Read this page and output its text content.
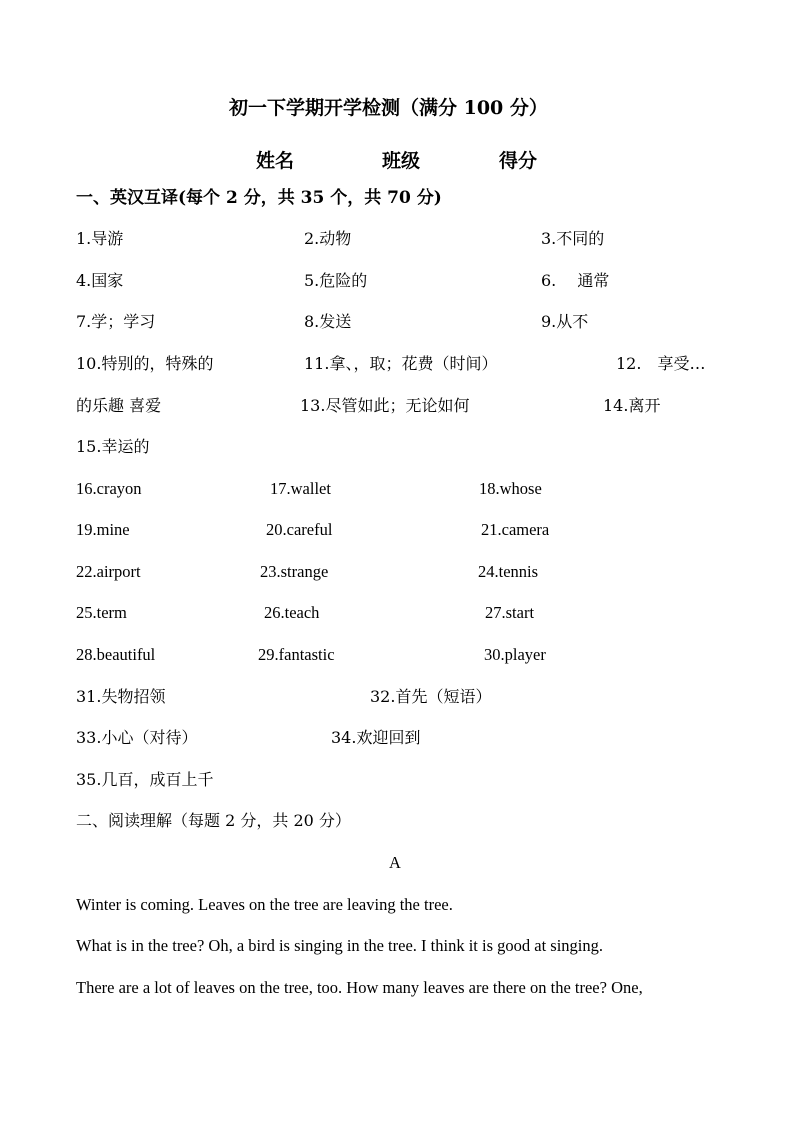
初一下学期开学检测（满分 100 分）
姓名	班级	得分
一、英汉互译(每个 2 分，共 35 个，共 70 分)
1.导游	2.动物	3.不同的
4.国家	5.危险的	6.　 通常
7.学；学习	8.发送	9.从不
10.特别的，特殊的	11.拿、，取；花费（时间）	12.　享受…
的乐趣 喜爱	13.尽管如此；无论如何	14.离开
15.幸运的
16.crayon	17.wallet	18.whose
19.mine	20.careful	21.camera
22.airport	23.strange	24.tennis
25.term	26.teach	27.start
28.beautiful	29.fantastic	30.player
31.失物招领	32.首先（短语）
33.小心（对待）	34.欢迎回到
35.几百，成百上千
二、阅读理解（每题 2 分，共 20 分）
A
Winter is coming. Leaves on the tree are leaving the tree.
What is in the tree? Oh, a bird is singing in the tree. I think it is good at singing.
There are a lot of leaves on the tree, too. How many leaves are there on the tree? One,
